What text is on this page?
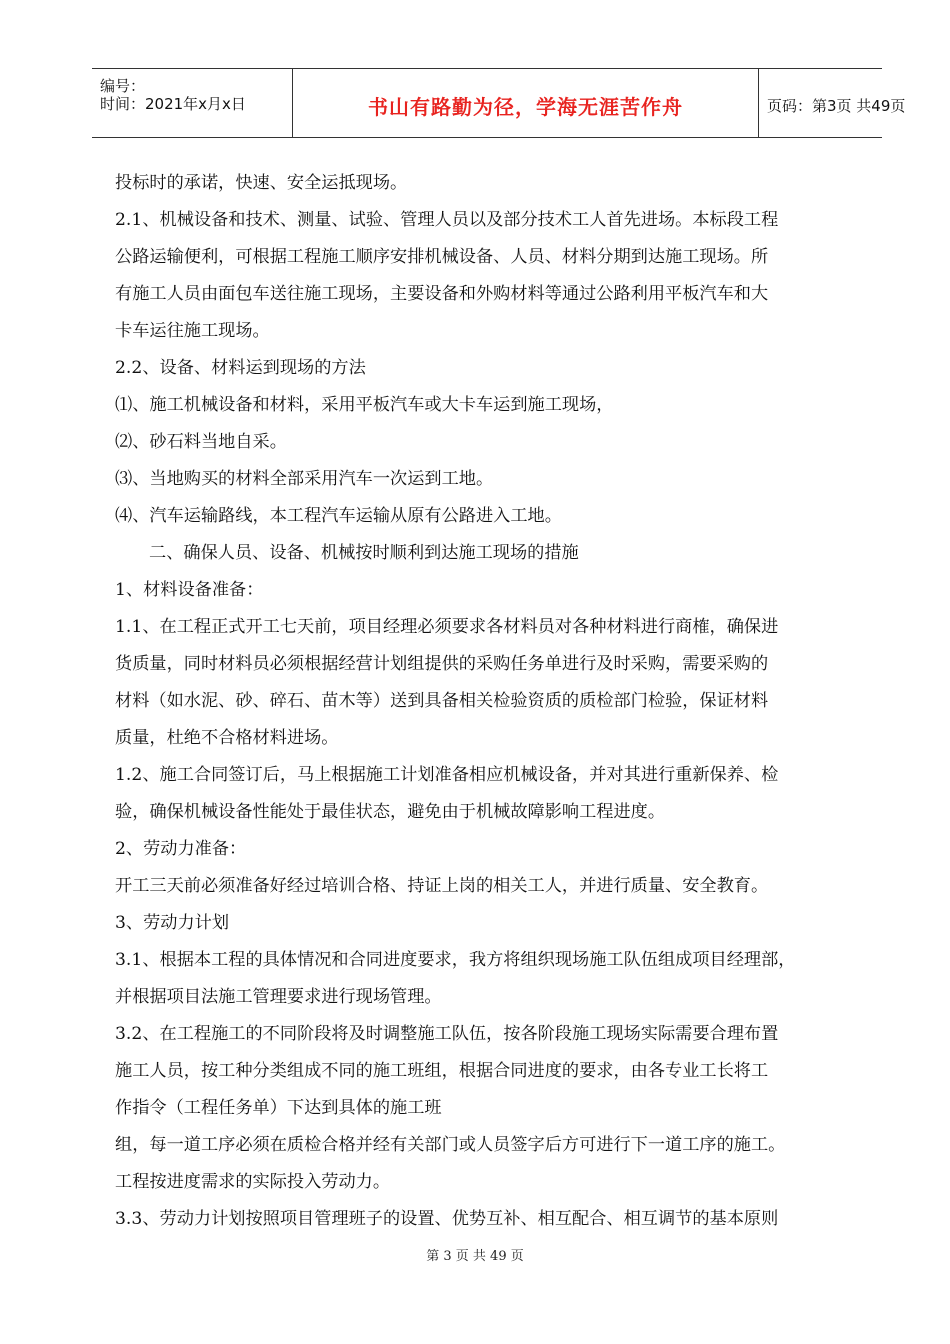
编号：
时间：2021年x月x日	书山有路勤为径，学海无涯苦作舟	页码：第3页 共49页

投标时的承诺，快速、安全运抵现场。

2.1、机械设备和技术、测量、试验、管理人员以及部分技术工人首先进场。本标段工程

公路运输便利，可根据工程施工顺序安排机械设备、人员、材料分期到达施工现场。所

有施工人员由面包车送往施工现场，主要设备和外购材料等通过公路利用平板汽车和大

卡车运往施工现场。

2.2、设备、材料运到现场的方法

⑴、施工机械设备和材料，采用平板汽车或大卡车运到施工现场，

⑵、砂石料当地自采。

⑶、当地购买的材料全部采用汽车一次运到工地。

⑷、汽车运输路线，本工程汽车运输从原有公路进入工地。

二、确保人员、设备、机械按时顺利到达施工现场的措施

1、材料设备准备：

1.1、在工程正式开工七天前，项目经理必须要求各材料员对各种材料进行商榷，确保进

货质量，同时材料员必须根据经营计划组提供的采购任务单进行及时采购，需要采购的

材料（如水泥、砂、碎石、苗木等）送到具备相关检验资质的质检部门检验，保证材料

质量，杜绝不合格材料进场。

1.2、施工合同签订后，马上根据施工计划准备相应机械设备，并对其进行重新保养、检

验，确保机械设备性能处于最佳状态，避免由于机械故障影响工程进度。

2、劳动力准备：

开工三天前必须准备好经过培训合格、持证上岗的相关工人，并进行质量、安全教育。

3、劳动力计划

3.1、根据本工程的具体情况和合同进度要求，我方将组织现场施工队伍组成项目经理部，

并根据项目法施工管理要求进行现场管理。

3.2、在工程施工的不同阶段将及时调整施工队伍，按各阶段施工现场实际需要合理布置

施工人员，按工种分类组成不同的施工班组，根据合同进度的要求，由各专业工长将工

作指令（工程任务单）下达到具体的施工班

组，每一道工序必须在质检合格并经有关部门或人员签字后方可进行下一道工序的施工。

工程按进度需求的实际投入劳动力。

3.3、劳动力计划按照项目管理班子的设置、优势互补、相互配合、相互调节的基本原则

第 3 页 共 49 页
